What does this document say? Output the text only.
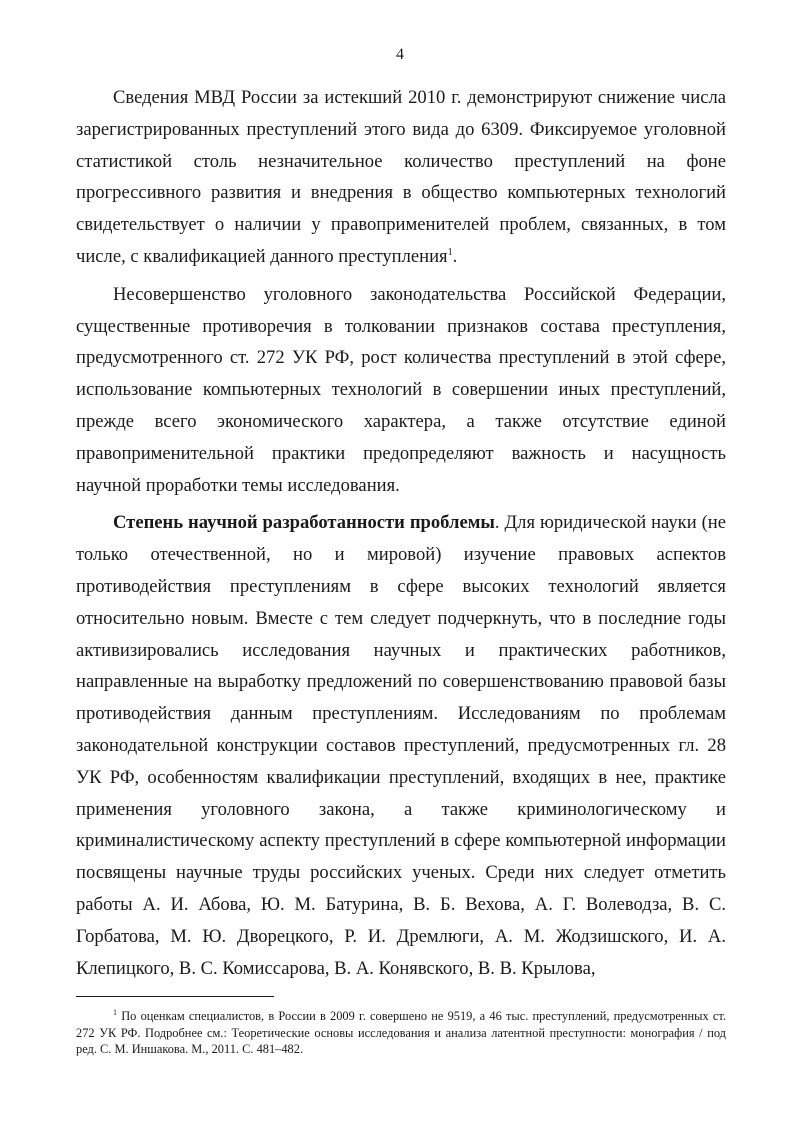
4

Сведения МВД России за истекший 2010 г. демонстрируют снижение числа зарегистрированных преступлений этого вида до 6309. Фиксируемое уголовной статистикой столь незначительное количество преступлений на фоне прогрессивного развития и внедрения в общество компьютерных технологий свидетельствует о наличии у правоприменителей проблем, связанных, в том числе, с квалификацией данного преступления$^1$.

Несовершенство уголовного законодательства Российской Федерации, существенные противоречия в толковании признаков состава преступления, предусмотренного ст. 272 УК РФ, рост количества преступлений в этой сфере, использование компьютерных технологий в совершении иных преступлений, прежде всего экономического характера, а также отсутствие единой правоприменительной практики предопределяют важность и насущность научной проработки темы исследования.

Степень научной разработанности проблемы. Для юридической науки (не только отечественной, но и мировой) изучение правовых аспектов противодействия преступлениям в сфере высоких технологий является относительно новым. Вместе с тем следует подчеркнуть, что в последние годы активизировались исследования научных и практических работников, направленные на выработку предложений по совершенствованию правовой базы противодействия данным преступлениям. Исследованиям по проблемам законодательной конструкции составов преступлений, предусмотренных гл. 28 УК РФ, особенностям квалификации преступлений, входящих в нее, практике применения уголовного закона, а также криминологическому и криминалистическому аспекту преступлений в сфере компьютерной информации посвящены научные труды российских ученых. Среди них следует отметить работы А. И. Абова, Ю. М. Батурина, В. Б. Вехова, А. Г. Волеводза, В. С. Горбатова, М. Ю. Дворецкого, Р. И. Дремлюги, А. М. Жодзишского, И. А. Клепицкого, В. С. Комиссарова, В. А. Конявского, В. В. Крылова,

$^1$ По оценкам специалистов, в России в 2009 г. совершено не 9519, а 46 тыс. преступлений, предусмотренных ст. 272 УК РФ. Подробнее см.: Теоретические основы исследования и анализа латентной преступности: монография / под ред. С. М. Иншакова. М., 2011. С. 481–482.
